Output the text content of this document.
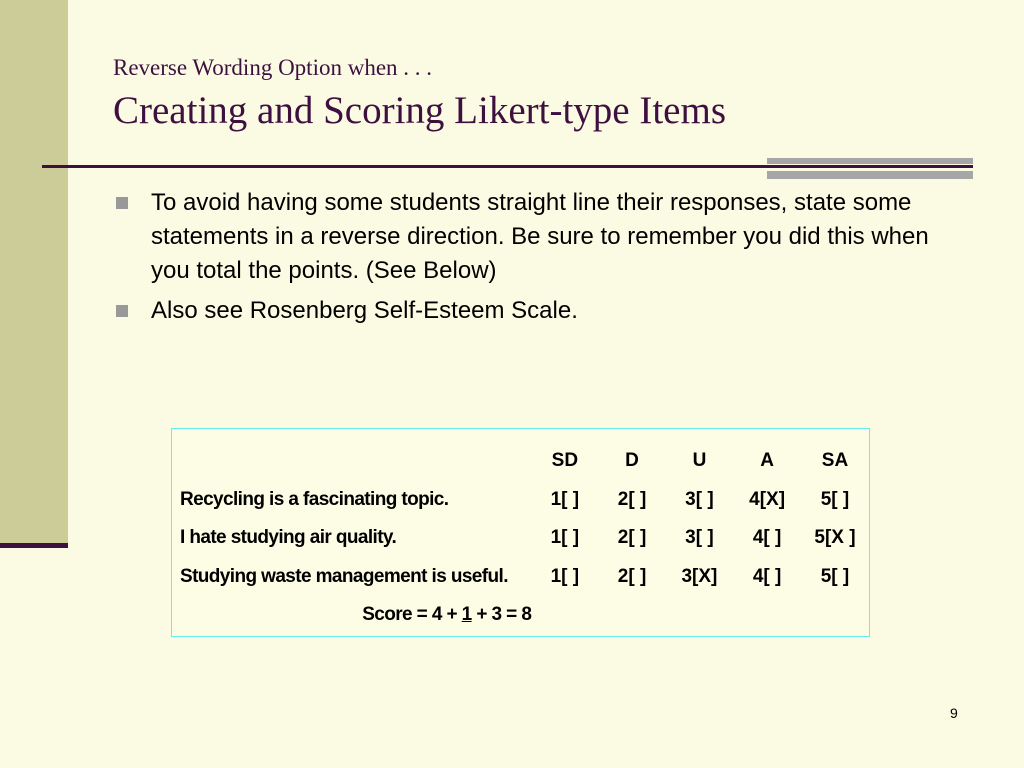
Reverse Wording Option when . . .
Creating and Scoring Likert-type Items
To avoid having some students straight line their responses, state some statements in a reverse direction. Be sure to remember you did this when you total the points. (See Below)
Also see Rosenberg Self-Esteem Scale.
	SD	D	U	A	SA
Recycling is a fascinating topic.	1[ ]	2[ ]	3[ ]	4[X]	5[ ]
I hate studying air quality.	1[ ]	2[ ]	3[ ]	4[ ]	5[X ]
Studying waste management is useful.	1[ ]	2[ ]	3[X]	4[ ]	5[ ]
Score = 4 + 1 + 3 = 8					
9
